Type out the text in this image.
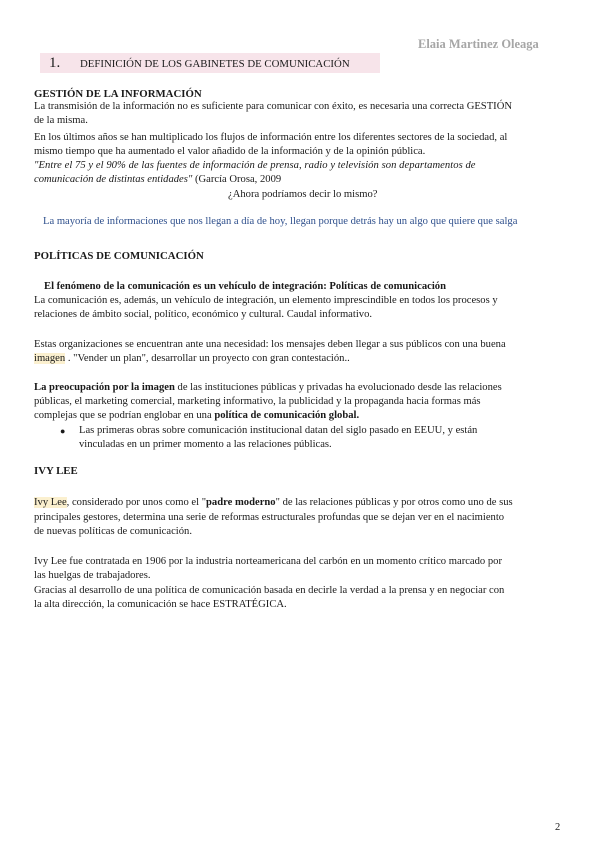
Elaia Martinez Oleaga
1. DEFINICIÓN DE LOS GABINETES DE COMUNICACIÓN
GESTIÓN DE LA INFORMACIÓN
La transmisión de la información no es suficiente para comunicar con éxito, es necesaria una correcta GESTIÓN
de la misma.
En los últimos años se han multiplicado los flujos de información entre los diferentes sectores de la sociedad, al
mismo tiempo que ha aumentado el valor añadido de la información y de la opinión pública.
"Entre el 75 y el 90% de las fuentes de información de prensa, radio y televisión son departamentos de
comunicación de distintas entidades" (García Orosa, 2009
¿Ahora podríamos decir lo mismo?
La mayoría de informaciones que nos llegan a día de hoy, llegan porque detrás hay un algo que quiere que salga
POLÍTICAS DE COMUNICACIÓN
El fenómeno de la comunicación es un vehículo de integración: Políticas de comunicación
La comunicación es, además, un vehículo de integración, un elemento imprescindible en todos los procesos y
relaciones de ámbito social, político, económico y cultural. Caudal informativo.
Estas organizaciones se encuentran ante una necesidad: los mensajes deben llegar a sus públicos con una buena
imagen . "Vender un plan", desarrollar un proyecto con gran contestación..
La preocupación por la imagen de las instituciones públicas y privadas ha evolucionado desde las relaciones
públicas, el marketing comercial, marketing informativo, la publicidad y la propaganda hacia formas más
complejas que se podrían englobar en una política de comunicación global.
● Las primeras obras sobre comunicación institucional datan del siglo pasado en EEUU, y están
vinculadas en un primer momento a las relaciones públicas.
IVY LEE
Ivy Lee, considerado por unos como el "padre moderno" de las relaciones públicas y por otros como uno de sus
principales gestores, determina una serie de reformas estructurales profundas que se dejan ver en el nacimiento
de nuevas políticas de comunicación.
Ivy Lee fue contratada en 1906 por la industria norteamericana del carbón en un momento crítico marcado por
las huelgas de trabajadores.
Gracias al desarrollo de una política de comunicación basada en decirle la verdad a la prensa y en negociar con
la alta dirección, la comunicación se hace ESTRATÉGICA.
2
